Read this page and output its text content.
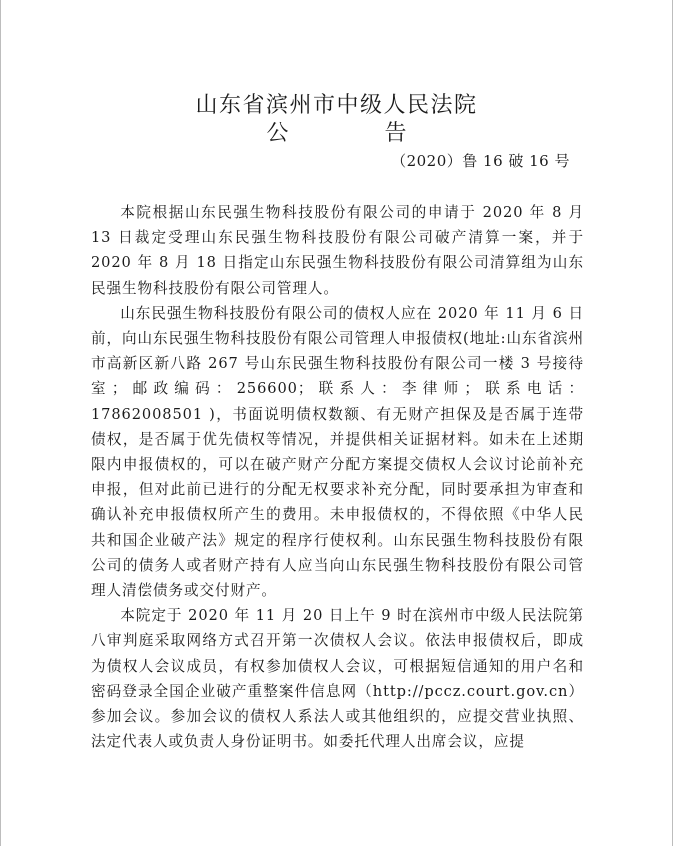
山东省滨州市中级人民法院
公	告
（2020）鲁 16 破 16 号

本院根据山东民强生物科技股份有限公司的申请于 2020 年 8 月 13 日裁定受理山东民强生物科技股份有限公司破产清算一案，并于 2020 年 8 月 18 日指定山东民强生物科技股份有限公司清算组为山东民强生物科技股份有限公司管理人。

山东民强生物科技股份有限公司的债权人应在 2020 年 11 月 6 日前，向山东民强生物科技股份有限公司管理人申报债权(地址:山东省滨州市高新区新八路 267 号山东民强生物科技股份有限公司一楼 3 号接待室；邮政编码：256600；联系人：李律师；联系电话：17862008501 )，书面说明债权数额、有无财产担保及是否属于连带债权，是否属于优先债权等情况，并提供相关证据材料。如未在上述期限内申报债权的，可以在破产财产分配方案提交债权人会议讨论前补充申报，但对此前已进行的分配无权要求补充分配，同时要承担为审查和确认补充申报债权所产生的费用。未申报债权的，不得依照《中华人民共和国企业破产法》规定的程序行使权利。山东民强生物科技股份有限公司的债务人或者财产持有人应当向山东民强生物科技股份有限公司管理人清偿债务或交付财产。

本院定于 2020 年 11 月 20 日上午 9 时在滨州市中级人民法院第八审判庭采取网络方式召开第一次债权人会议。依法申报债权后，即成为债权人会议成员，有权参加债权人会议，可根据短信通知的用户名和密码登录全国企业破产重整案件信息网（http://pccz.court.gov.cn）参加会议。参加会议的债权人系法人或其他组织的，应提交营业执照、法定代表人或负责人身份证明书。如委托代理人出席会议，应提
